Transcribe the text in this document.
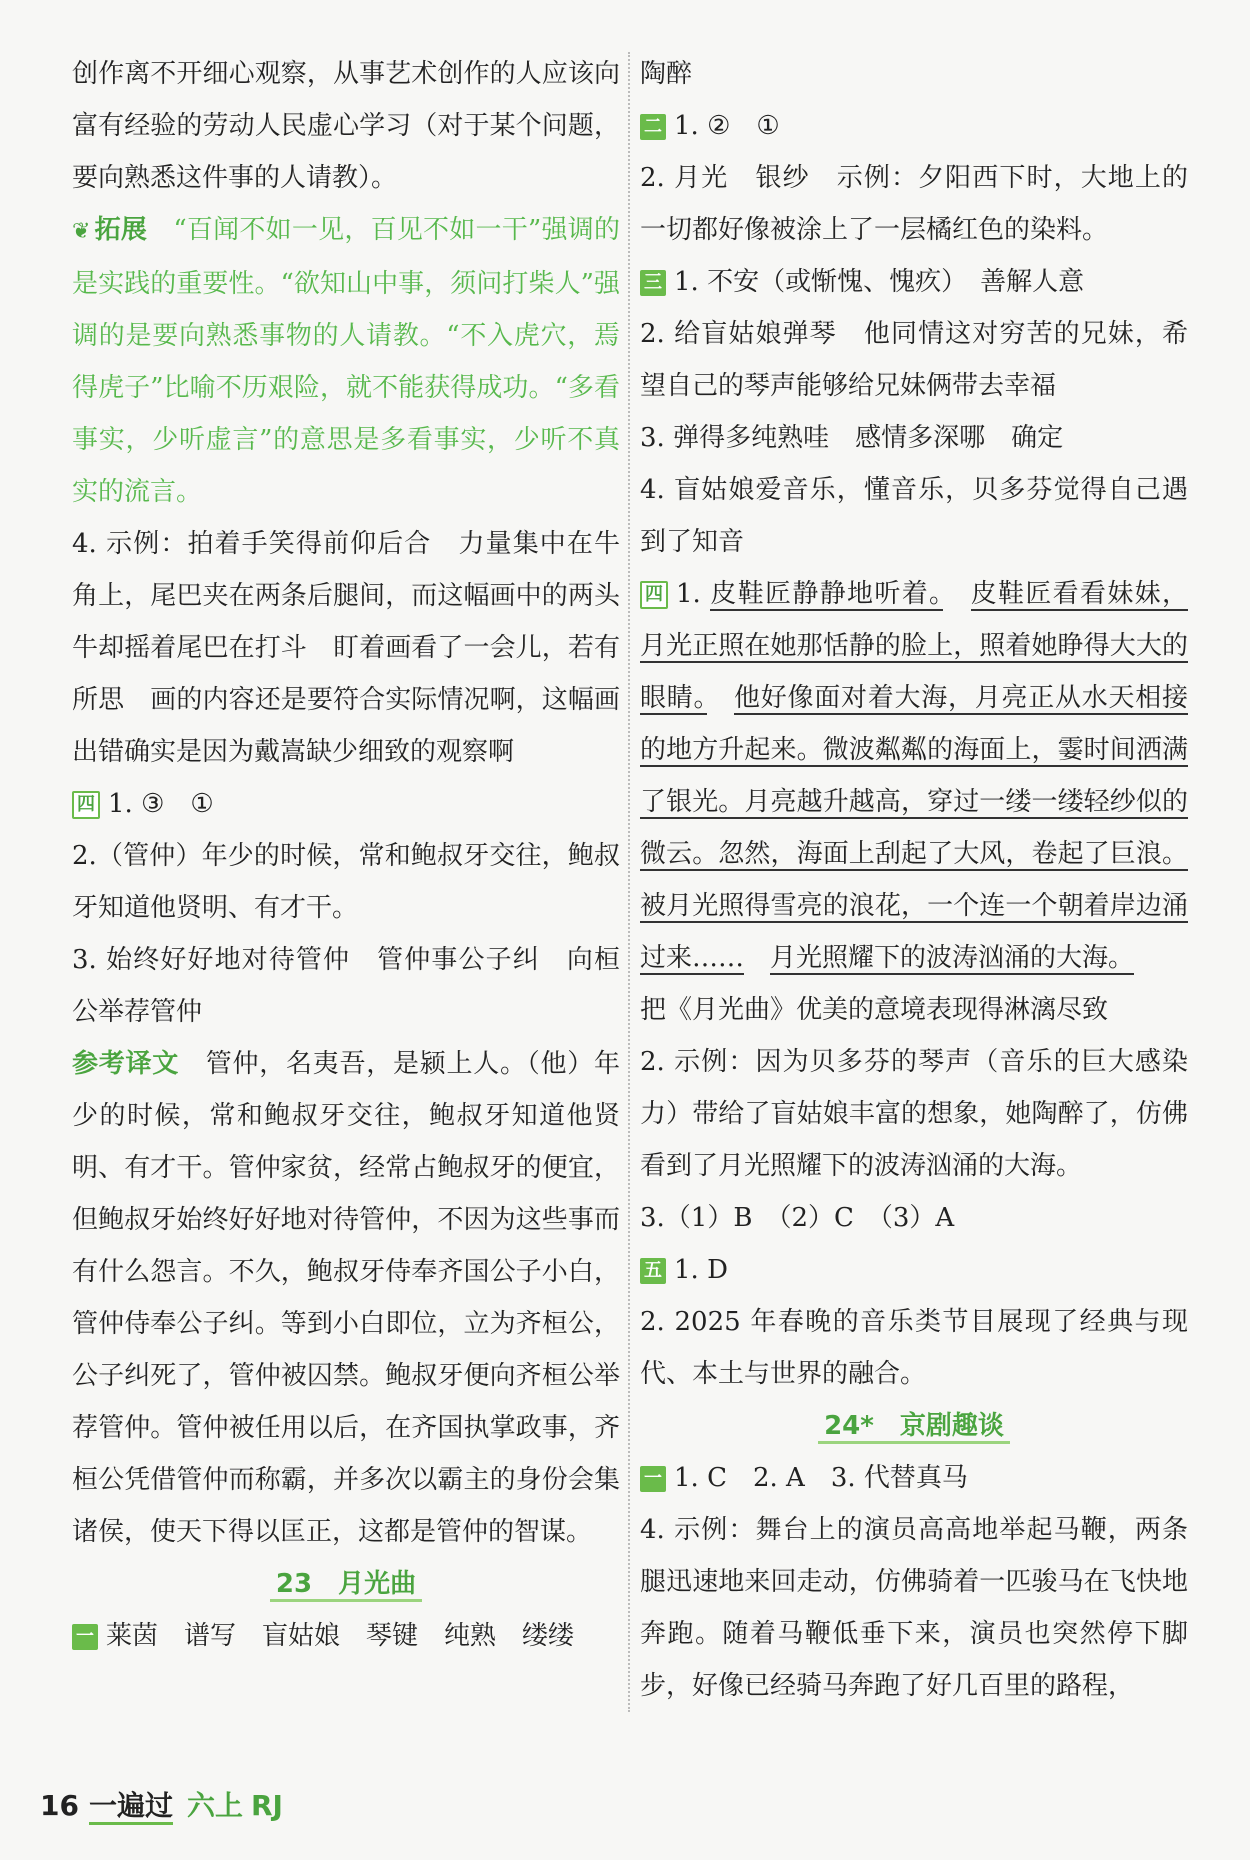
创作离不开细心观察，从事艺术创作的人应该向富有经验的劳动人民虚心学习（对于某个问题，要向熟悉这件事的人请教）。

❦ 拓展　 “百闻不如一见，百见不如一干”强调的是实践的重要性。“欲知山中事，须问打柴人”强调的是要向熟悉事物的人请教。“不入虎穴，焉得虎子”比喻不历艰险，就不能获得成功。“多看事实，少听虚言”的意思是多看事实，少听不真实的流言。

4. 示例：拍着手笑得前仰后合　力量集中在牛角上，尾巴夹在两条后腿间，而这幅画中的两头牛却摇着尾巴在打斗　盯着画看了一会儿，若有所思　画的内容还是要符合实际情况啊，这幅画出错确实是因为戴嵩缺少细致的观察啊

四 1. ③　①

2.（管仲）年少的时候，常和鲍叔牙交往，鲍叔牙知道他贤明、有才干。

3. 始终好好地对待管仲　管仲事公子纠　向桓公举荐管仲

参考译文　 管仲，名夷吾，是颍上人。（他）年少的时候，常和鲍叔牙交往，鲍叔牙知道他贤明、有才干。管仲家贫，经常占鲍叔牙的便宜，但鲍叔牙始终好好地对待管仲，不因为这些事而有什么怨言。不久，鲍叔牙侍奉齐国公子小白，管仲侍奉公子纠。等到小白即位，立为齐桓公，公子纠死了，管仲被囚禁。鲍叔牙便向齐桓公举荐管仲。管仲被任用以后，在齐国执掌政事，齐桓公凭借管仲而称霸，并多次以霸主的身份会集诸侯，使天下得以匡正，这都是管仲的智谋。

23　 月光曲

一 莱茵　谱写　盲姑娘　琴键　纯熟　缕缕

陶醉

二 1. ②　①

2. 月光　银纱　示例：夕阳西下时，大地上的一切都好像被涂上了一层橘红色的染料。

三 1. 不安（或惭愧、愧疚）　善解人意

2. 给盲姑娘弹琴　他同情这对穷苦的兄妹，希望自己的琴声能够给兄妹俩带去幸福

3. 弹得多纯熟哇　感情多深哪　确定

4. 盲姑娘爱音乐，懂音乐，贝多芬觉得自己遇到了知音

四 1. 皮鞋匠静静地听着。　 皮鞋匠看看妹妹，月光正照在她那恬静的脸上，照着她睁得大大的眼睛。　 他好像面对着大海，月亮正从水天相接的地方升起来。微波粼粼的海面上，霎时间洒满了银光。月亮越升越高，穿过一缕一缕轻纱似的微云。忽然，海面上刮起了大风，卷起了巨浪。被月光照得雪亮的浪花，一个连一个朝着岸边涌过来……　 月光照耀下的波涛汹涌的大海。

把《月光曲》优美的意境表现得淋漓尽致

2. 示例：因为贝多芬的琴声（音乐的巨大感染力）带给了盲姑娘丰富的想象，她陶醉了，仿佛看到了月光照耀下的波涛汹涌的大海。

3.（1）B　（2）C　（3）A

五 1. D

2. 2025 年春晚的音乐类节目展现了经典与现代、本土与世界的融合。

24*　 京剧趣谈

一 1. C　2. A　3. 代替真马

4. 示例：舞台上的演员高高地举起马鞭，两条腿迅速地来回走动，仿佛骑着一匹骏马在飞快地奔跑。随着马鞭低垂下来，演员也突然停下脚步，好像已经骑马奔跑了好几百里的路程，

16 一遍过 六上 RJ
